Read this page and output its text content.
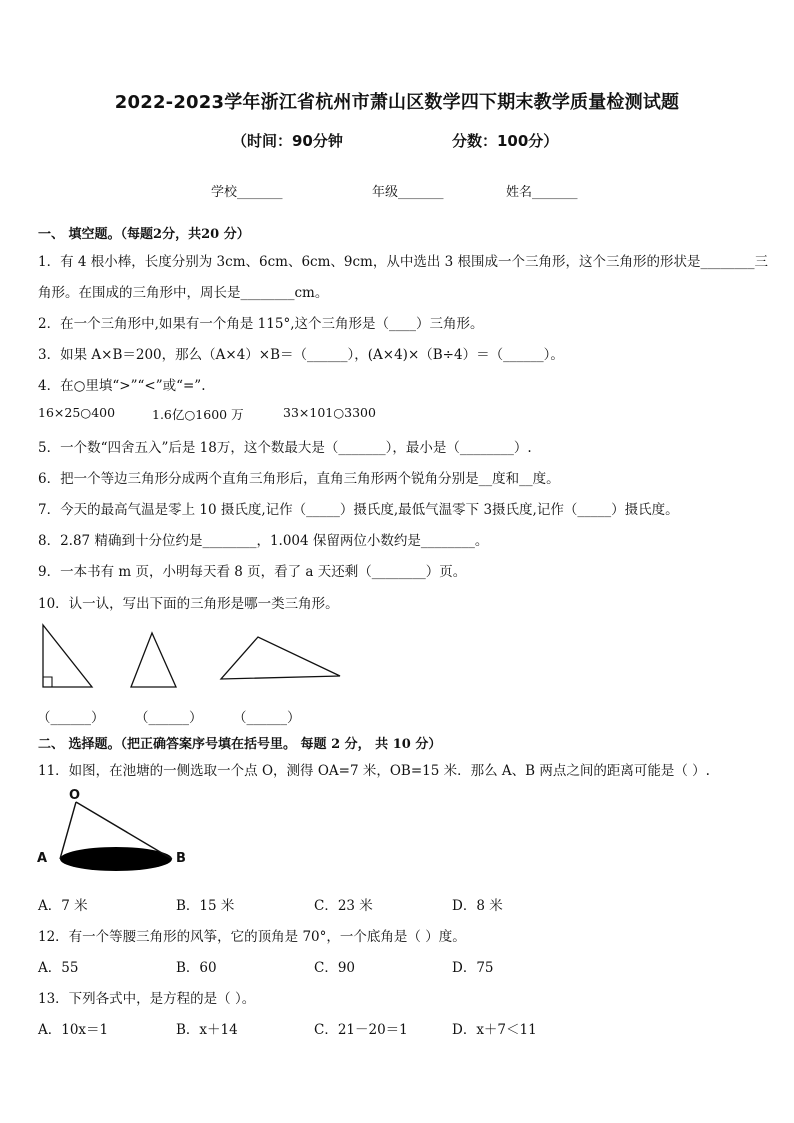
2022-2023学年浙江省杭州市萧山区数学四下期末教学质量检测试题
（时间：90分钟	分数：100分）
学校_______	年级_______	姓名_______
一、 填空题。（每题2分，共20 分）
1．有 4 根小棒，长度分别为 3cm、6cm、6cm、9cm，从中选出 3 根围成一个三角形，这个三角形的形状是________三
角形。在围成的三角形中，周长是________cm。
2．在一个三角形中,如果有一个角是 115°,这个三角形是（____）三角形。
3．如果 A×B＝200，那么（A×4）×B＝（______），(A×4)×（B÷4）＝（______）。
4．在○里填“>”“<”或“=”.
16×25○400	1.6亿○1600 万	33×101○3300
5．一个数“四舍五入”后是 18万，这个数最大是（_______），最小是（________）.
6．把一个等边三角形分成两个直角三角形后，直角三角形两个锐角分别是__度和__度。
7．今天的最高气温是零上 10 摄氏度,记作（_____）摄氏度,最低气温零下 3摄氏度,记作（_____）摄氏度。
8．2.87 精确到十分位约是________，1.004 保留两位小数约是________。
9．一本书有 m 页，小明每天看 8 页，看了 a 天还剩（________）页。
10．认一认，写出下面的三角形是哪一类三角形。
（______） （______） （______）
二、 选择题。（把正确答案序号填在括号里。 每题 2 分， 共 10 分）
11．如图，在池塘的一侧选取一个点 O，测得 OA=7 米，OB=15 米．那么 A、B 两点之间的距离可能是（ ）.
O
A	B
A．7 米	B．15 米	C．23 米	D．8 米
12．有一个等腰三角形的风筝，它的顶角是 70°，一个底角是（ ）度。
A．55	B．60	C．90	D．75
13．下列各式中，是方程的是（ ）。
A．10x＝1	B．x＋14	C．21－20＝1	D．x＋7＜11
